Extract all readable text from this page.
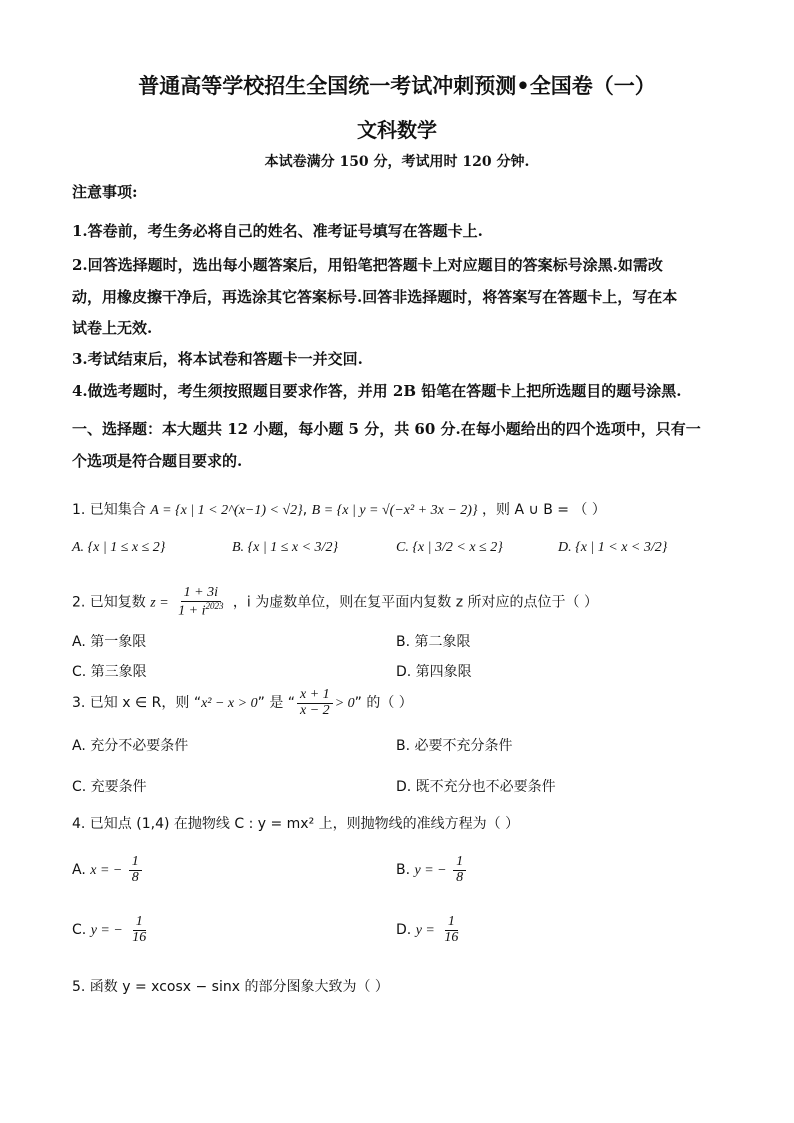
普通高等学校招生全国统一考试冲刺预测•全国卷（一）
文科数学
本试卷满分 150 分，考试用时 120 分钟.
注意事项:
1.答卷前，考生务必将自己的姓名、准考证号填写在答题卡上.
2.回答选择题时，选出每小题答案后，用铅笔把答题卡上对应题目的答案标号涂黑.如需改
动，用橡皮擦干净后，再选涂其它答案标号.回答非选择题时，将答案写在答题卡上，写在本
试卷上无效.
3.考试结束后，将本试卷和答题卡一并交回.
4.做选考题时，考生须按照题目要求作答，并用 2B 铅笔在答题卡上把所选题目的题号涂黑.
一、选择题：本大题共 12 小题，每小题 5 分，共 60 分.在每小题给出的四个选项中，只有一
个选项是符合题目要求的.
1. 已知集合 A = {x | 1 < 2^(x−1) < √2}, B = {x | y = √(−x² + 3x − 2)} ，则 A ∪ B = （ ）
A. {x | 1 ≤ x ≤ 2}	B. {x | 1 ≤ x < 3/2}	C. {x | 3/2 < x ≤ 2}	D. {x | 1 < x < 3/2}
2. 已知复数 $z = \frac{1 + 3i}{1 + i^{2023}}$ ，i 为虚数单位，则在复平面内复数 z 所对应的点位于（ ）
A. 第一象限	B. 第二象限
C. 第三象限	D. 第四象限
3. 已知 x ∈ R，则 “x² − x > 0” 是 “ $\frac{x + 1}{x - 2} > 0$” 的（ ）
A. 充分不必要条件	B. 必要不充分条件
C. 充要条件	D. 既不充分也不必要条件
4. 已知点 (1,4) 在抛物线 C : y = mx² 上，则抛物线的准线方程为（ ）
A. x = − $\frac{1}{8}$	B. y = − $\frac{1}{8}$
C. y = − $\frac{1}{16}$	D. $y = \frac{1}{16}$
5. 函数 y = xcosx − sinx 的部分图象大致为（ ）
